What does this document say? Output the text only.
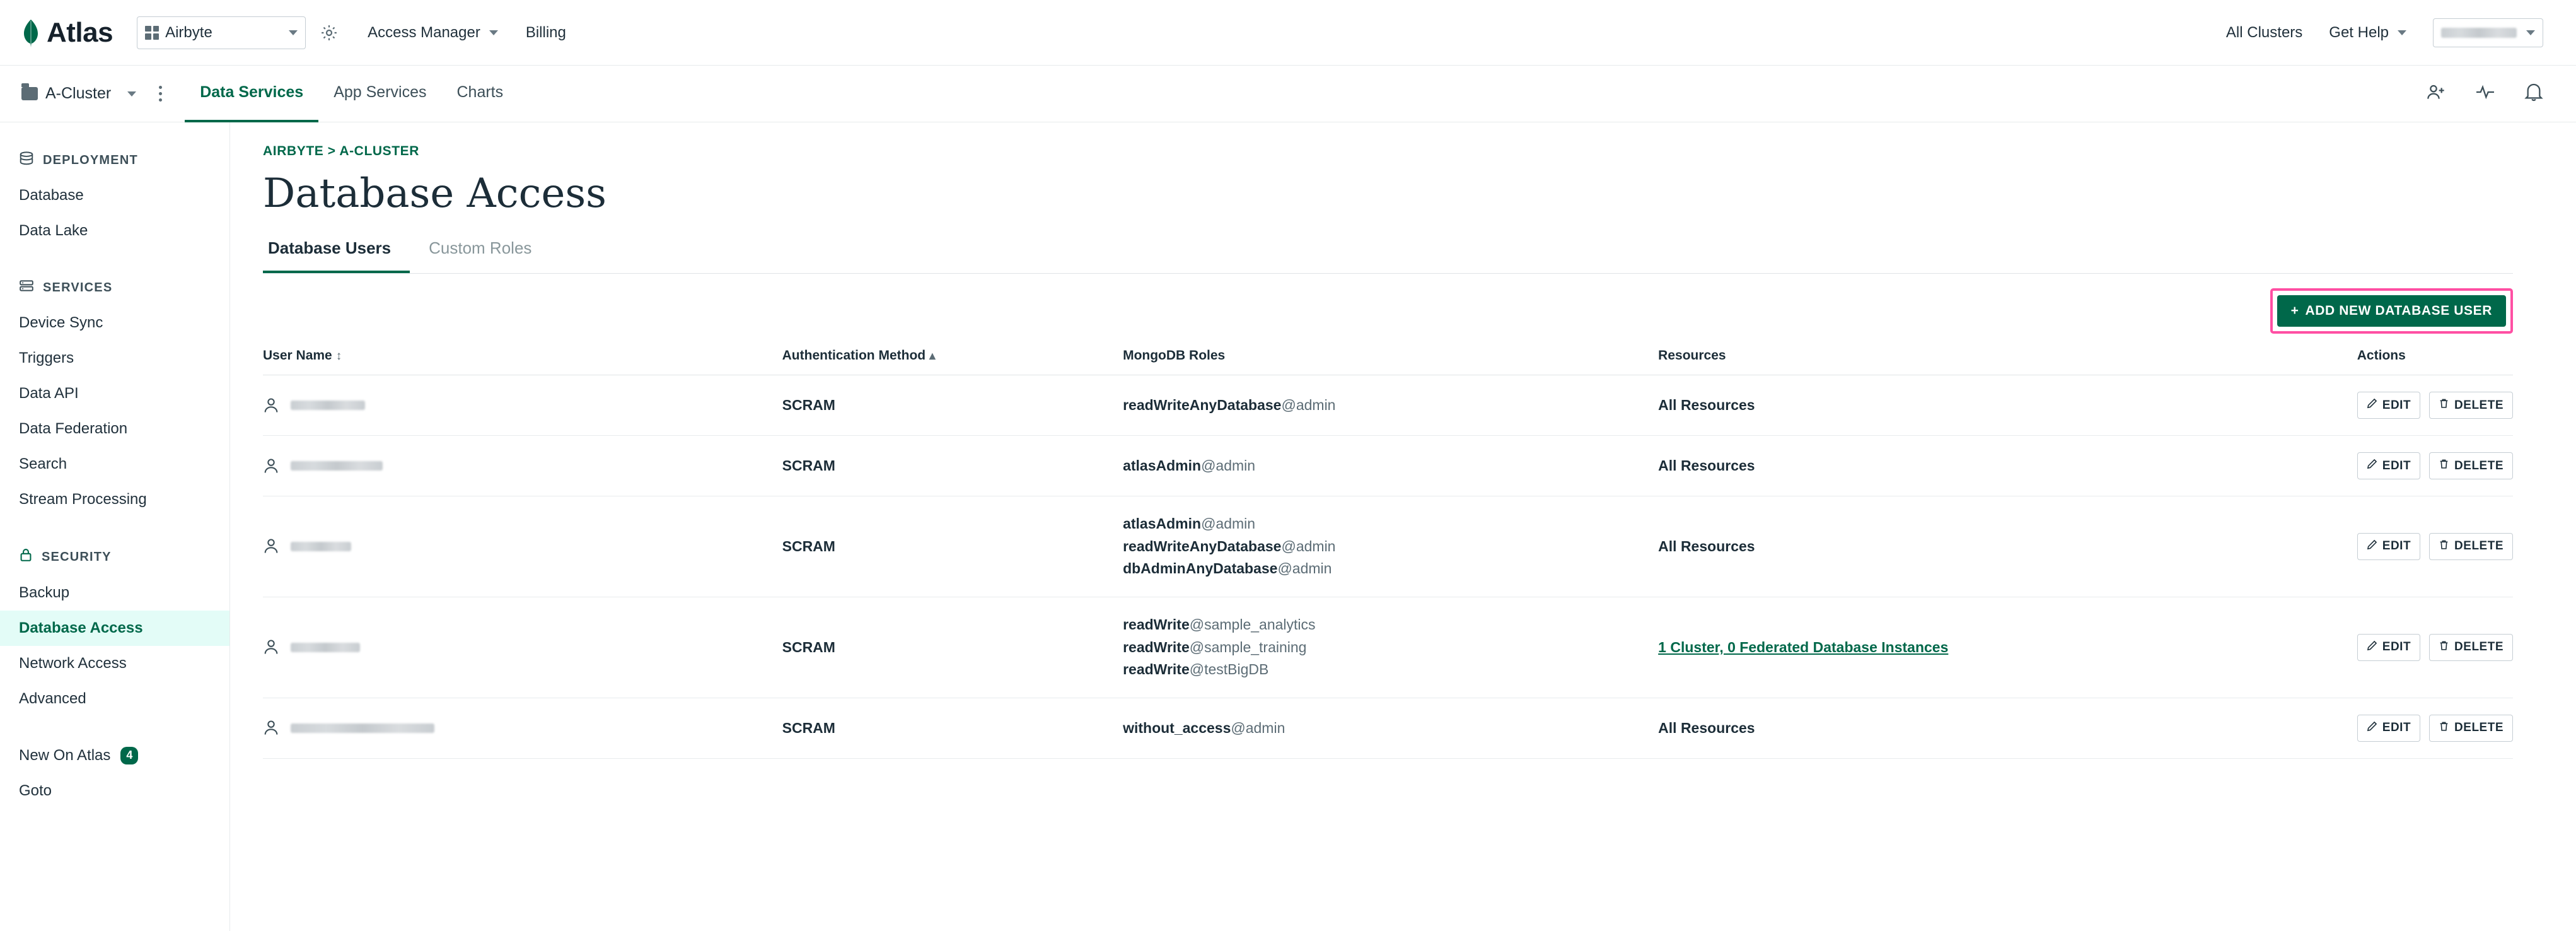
Atlas	Airbyte	Access Manager	Billing	All Clusters Get Help
A-Cluster	Data Services App Services Charts
DEPLOYMENT
Database
Data Lake
SERVICES
Device Sync
Triggers
Data API
Data Federation
Search
Stream Processing
SECURITY
Backup
Database Access
Network Access
Advanced
New On Atlas	4
Goto
AIRBYTE > A-CLUSTER
Database Access
Database Users	Custom Roles
+ ADD NEW DATABASE USER
User Name ↕	Authentication Method ▴	MongoDB Roles	Resources	Actions

	SCRAM	readWriteAnyDatabase@admin	All Resources	EDIT DELETE

	SCRAM	atlasAdmin@admin	All Resources	EDIT DELETE

	SCRAM	
atlasAdmin@admin
readWriteAnyDatabase@admin
dbAdminAnyDatabase@admin
	All Resources	EDIT	DELETE

	SCRAM	
readWrite@sample_analytics
readWrite@sample_training
readWrite@testBigDB
	1 Cluster, 0 Federated Database Instances	EDIT	DELETE

	SCRAM	without_access@admin	All Resources	EDIT DELETE
